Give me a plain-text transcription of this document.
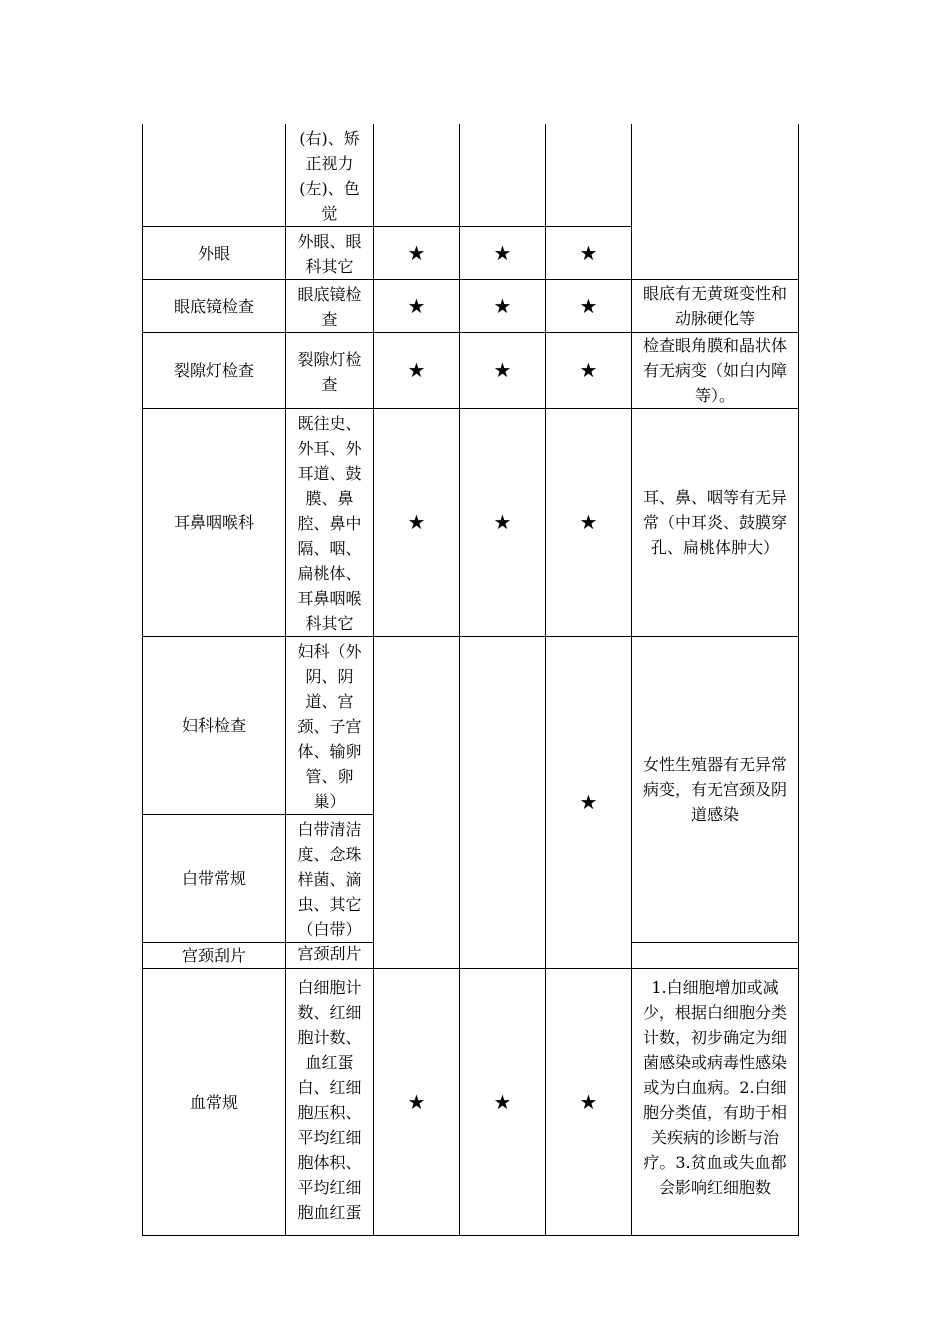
	(右)、矫正视力(左)、色觉				
外眼	外眼、眼科其它	★	★	★	
眼底镜检查	眼底镜检查	★	★	★	眼底有无黄斑变性和动脉硬化等
裂隙灯检查	裂隙灯检查	★	★	★	检查眼角膜和晶状体有无病变（如白内障等）。
耳鼻咽喉科	既往史、外耳、外耳道、鼓膜、鼻腔、鼻中隔、咽、扁桃体、耳鼻咽喉科其它	★	★	★	耳、鼻、咽等有无异常（中耳炎、鼓膜穿孔、扁桃体肿大）
妇科检查	妇科（外阴、阴道、宫颈、子宫体、输卵管、卵巢）			★	女性生殖器有无异常病变，有无宫颈及阴道感染
白带常规	白带清洁度、念珠样菌、滴虫、其它（白带）				
宫颈刮片	宫颈刮片				
血常规	白细胞计数、红细胞计数、血红蛋白、红细胞压积、平均红细胞体积、平均红细胞血红蛋	★	★	★	1.白细胞增加或减少，根据白细胞分类计数，初步确定为细菌感染或病毒性感染或为白血病。2.白细 胞分类值，有助于相关疾病的诊断与治疗。3.贫血或失血都会影响红细胞数
